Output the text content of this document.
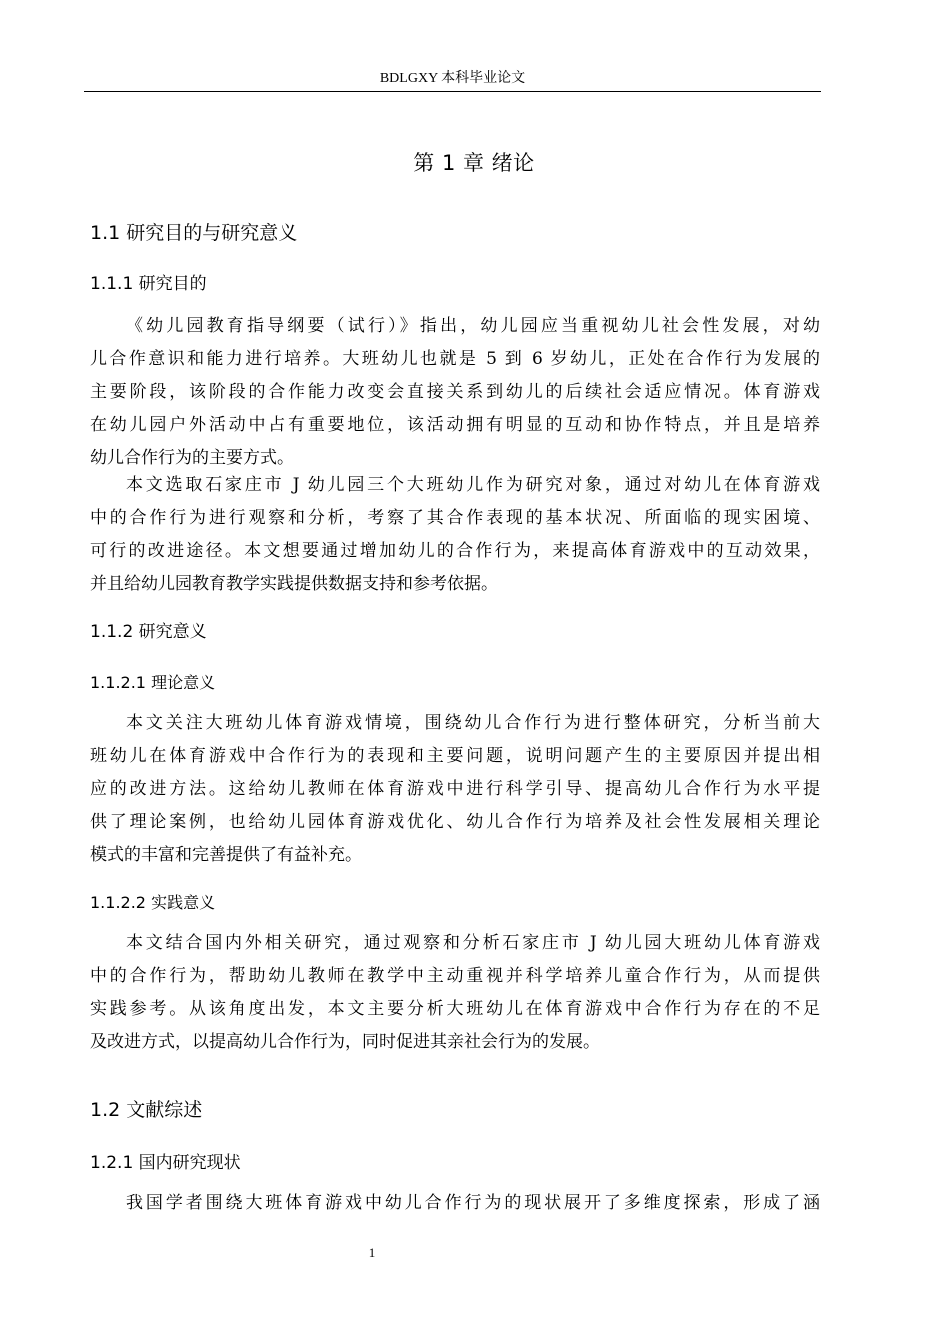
BDLGXY 本科毕业论文
第 1 章 绪论
1.1 研究目的与研究意义
1.1.1 研究目的
《幼儿园教育指导纲要（试行）》指出，幼儿园应当重视幼儿社会性发展，对幼
儿合作意识和能力进行培养。大班幼儿也就是 5 到 6 岁幼儿，正处在合作行为发展的
主要阶段，该阶段的合作能力改变会直接关系到幼儿的后续社会适应情况。体育游戏
在幼儿园户外活动中占有重要地位，该活动拥有明显的互动和协作特点，并且是培养
幼儿合作行为的主要方式。
本文选取石家庄市 J 幼儿园三个大班幼儿作为研究对象，通过对幼儿在体育游戏
中的合作行为进行观察和分析，考察了其合作表现的基本状况、所面临的现实困境、
可行的改进途径。本文想要通过增加幼儿的合作行为，来提高体育游戏中的互动效果，
并且给幼儿园教育教学实践提供数据支持和参考依据。
1.1.2 研究意义
1.1.2.1 理论意义
本文关注大班幼儿体育游戏情境，围绕幼儿合作行为进行整体研究，分析当前大
班幼儿在体育游戏中合作行为的表现和主要问题，说明问题产生的主要原因并提出相
应的改进方法。这给幼儿教师在体育游戏中进行科学引导、提高幼儿合作行为水平提
供了理论案例，也给幼儿园体育游戏优化、幼儿合作行为培养及社会性发展相关理论
模式的丰富和完善提供了有益补充。
1.1.2.2 实践意义
本文结合国内外相关研究，通过观察和分析石家庄市 J 幼儿园大班幼儿体育游戏
中的合作行为，帮助幼儿教师在教学中主动重视并科学培养儿童合作行为，从而提供
实践参考。从该角度出发，本文主要分析大班幼儿在体育游戏中合作行为存在的不足
及改进方式，以提高幼儿合作行为，同时促进其亲社会行为的发展。
1.2 文献综述
1.2.1 国内研究现状
我国学者围绕大班体育游戏中幼儿合作行为的现状展开了多维度探索，形成了涵
1
